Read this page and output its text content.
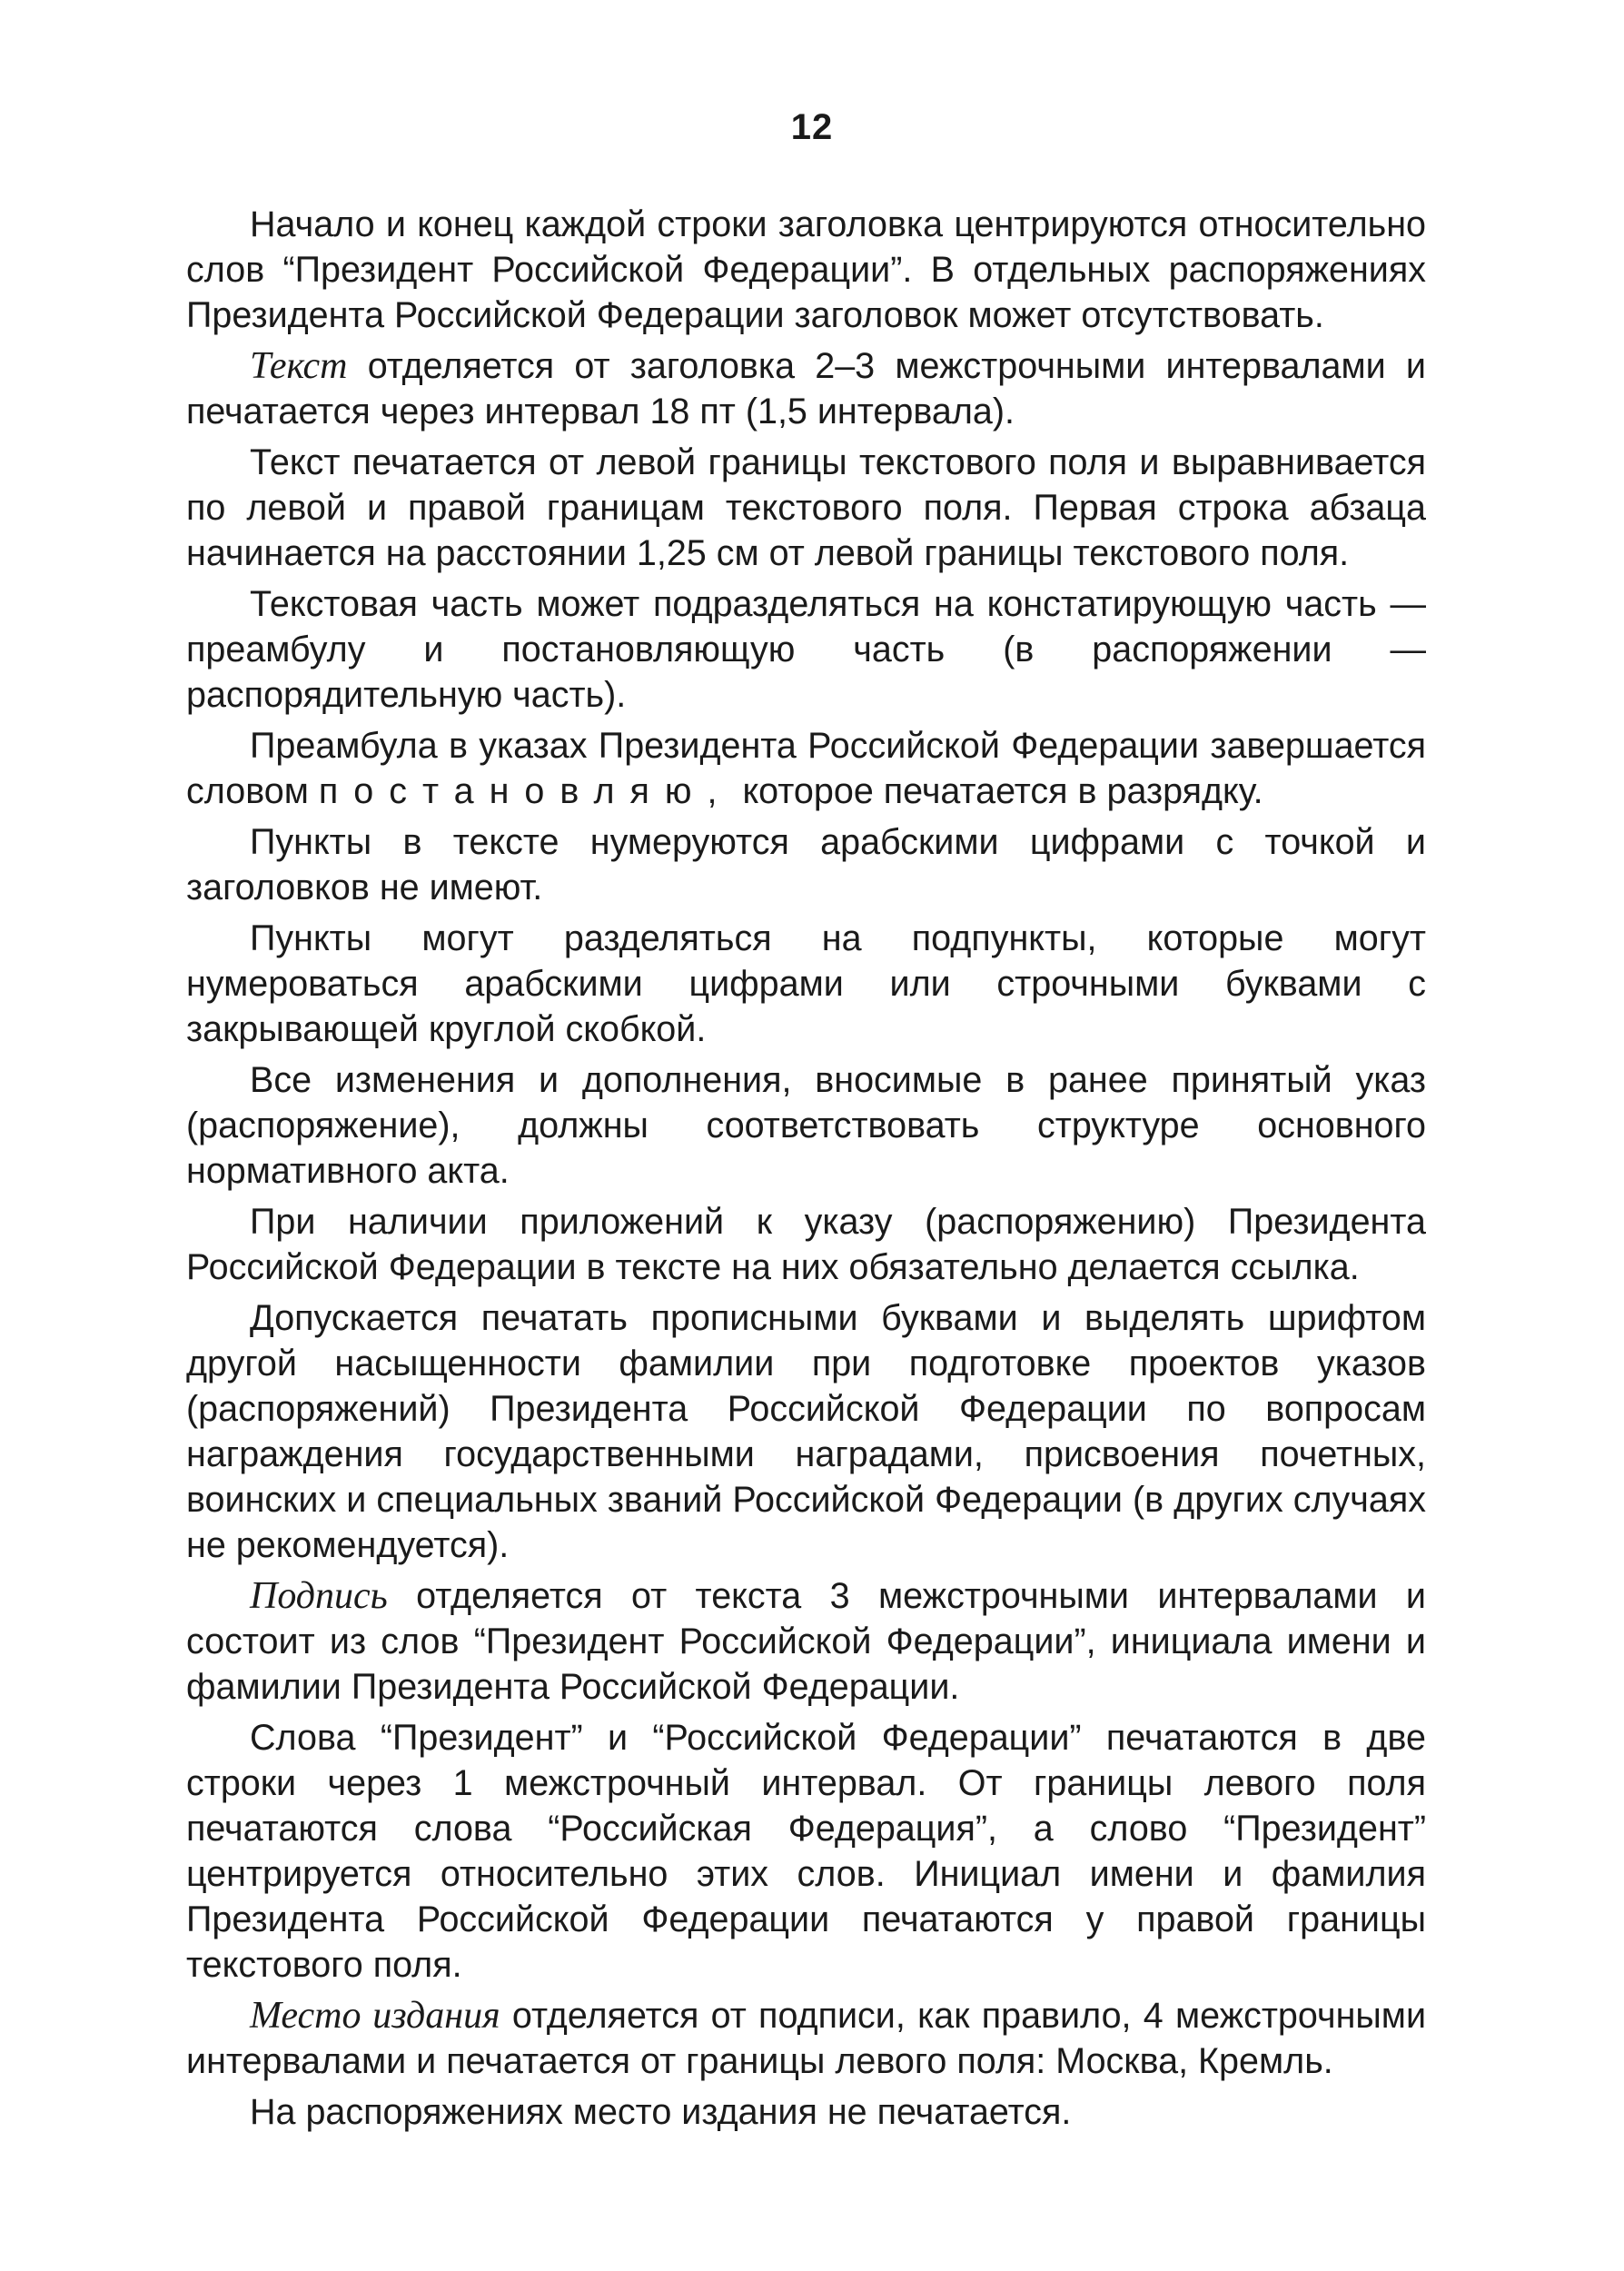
12

Начало и конец каждой строки заголовка центрируются относительно слов “Президент Российской Федерации”. В отдельных распоряжениях Президента Российской Федерации заголовок может отсутствовать.

Текст отделяется от заголовка 2–3 межстрочными интервалами и печатается через интервал 18 пт (1,5 интервала).

Текст печатается от левой границы текстового поля и выравнивается по левой и правой границам текстового поля. Первая строка абзаца начинается на расстоянии 1,25 см от левой границы текстового поля.

Текстовая часть может подразделяться на констатирующую часть — преамбулу и постановляющую часть (в распоряжении — распорядительную часть).

Преамбула в указах Президента Российской Федерации завершается словом постановляю, которое печатается в разрядку.

Пункты в тексте нумеруются арабскими цифрами с точкой и заголовков не имеют.

Пункты могут разделяться на подпункты, которые могут нумероваться арабскими цифрами или строчными буквами с закрывающей круглой скобкой.

Все изменения и дополнения, вносимые в ранее принятый указ (распоряжение), должны соответствовать структуре основного нормативного акта.

При наличии приложений к указу (распоряжению) Президента Российской Федерации в тексте на них обязательно делается ссылка.

Допускается печатать прописными буквами и выделять шрифтом другой насыщенности фамилии при подготовке проектов указов (распоряжений) Президента Российской Федерации по вопросам награждения государственными наградами, присвоения почетных, воинских и специальных званий Российской Федерации (в других случаях не рекомендуется).

Подпись отделяется от текста 3 межстрочными интервалами и состоит из слов “Президент Российской Федерации”, инициала имени и фамилии Президента Российской Федерации.

Слова “Президент” и “Российской Федерации” печатаются в две строки через 1 межстрочный интервал. От границы левого поля печатаются слова “Российская Федерация”, а слово “Президент” центрируется относительно этих слов. Инициал имени и фамилия Президента Российской Федерации печатаются у правой границы текстового поля.

Место издания отделяется от подписи, как правило, 4 межстрочными интервалами и печатается от границы левого поля: Москва, Кремль.

На распоряжениях место издания не печатается.
